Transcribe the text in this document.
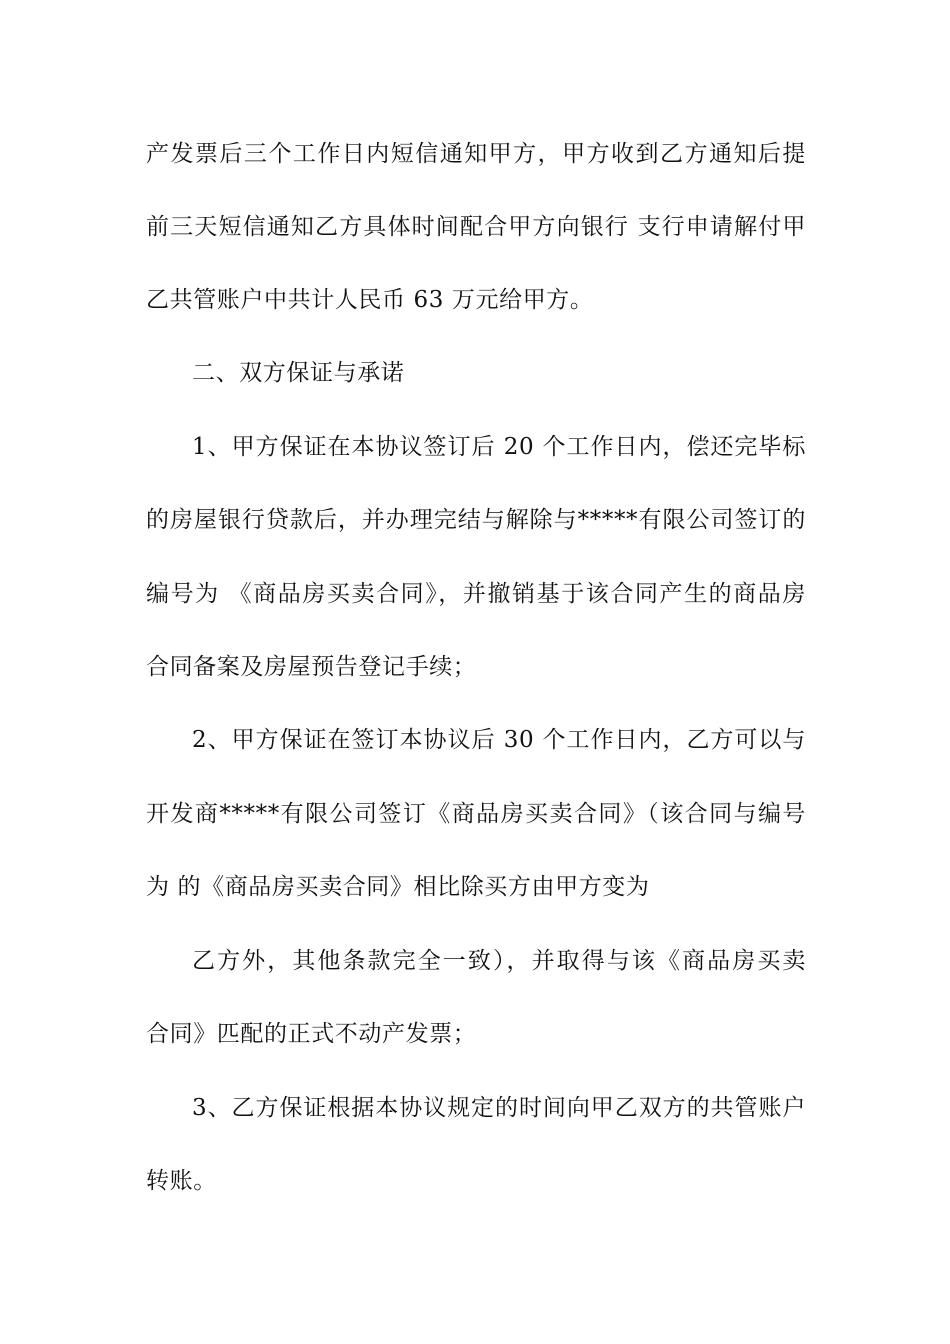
产发票后三个工作日内短信通知甲方，甲方收到乙方通知后提
前三天短信通知乙方具体时间配合甲方向银行 支行申请解付甲
乙共管账户中共计人民币 63 万元给甲方。
二、双方保证与承诺
1、甲方保证在本协议签订后 20 个工作日内，偿还完毕标
的房屋银行贷款后，并办理完结与解除与*****有限公司签订的
编号为 《商品房买卖合同》，并撤销基于该合同产生的商品房
合同备案及房屋预告登记手续；
2、甲方保证在签订本协议后 30 个工作日内，乙方可以与
开发商*****有限公司签订《商品房买卖合同》（该合同与编号
为 的《商品房买卖合同》相比除买方由甲方变为
乙方外，其他条款完全一致），并取得与该《商品房买卖
合同》匹配的正式不动产发票；
3、乙方保证根据本协议规定的时间向甲乙双方的共管账户
转账。
